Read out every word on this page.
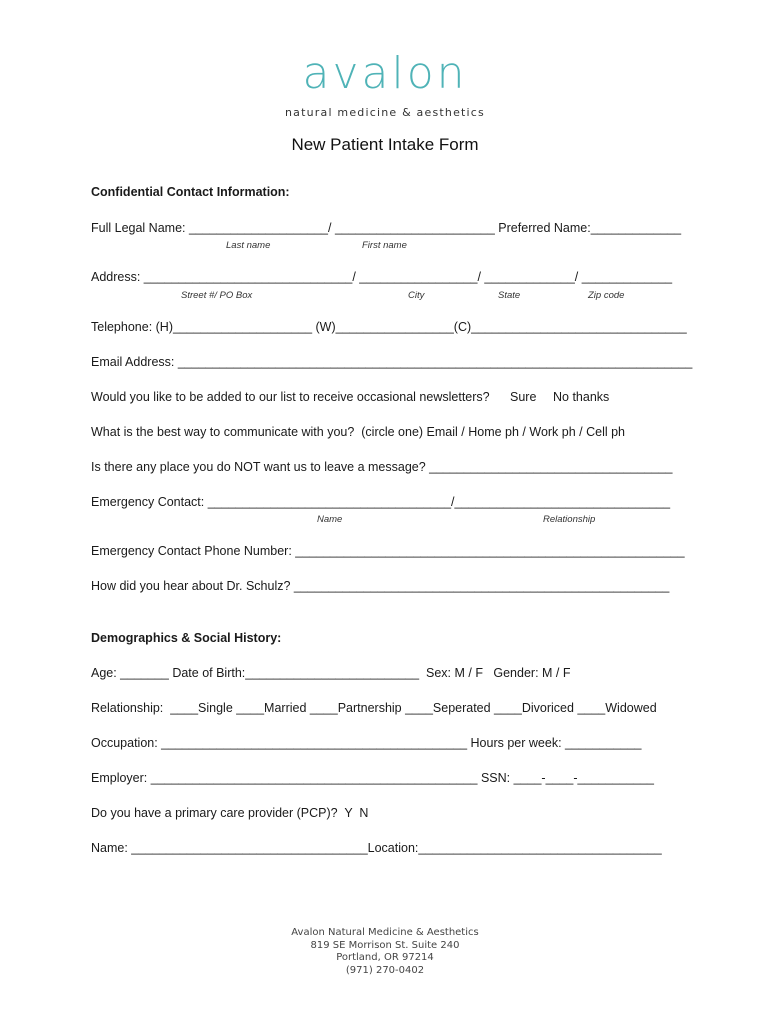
avalon
natural medicine & aesthetics
New Patient Intake Form
Confidential Contact Information:
Full Legal Name: ____________________/ _______________________ Preferred Name:_____________
Last name	First name
Address: ______________________________/ _________________/ _____________/ _____________
Street #/ PO Box	City	State	Zip code
Telephone: (H)____________________ (W)_________________(C)_______________________________
Email Address: __________________________________________________________________________
Would you like to be added to our list to receive occasional newsletters? Sure No thanks
What is the best way to communicate with you?  (circle one) Email / Home ph / Work ph / Cell ph
Is there any place you do NOT want us to leave a message? ___________________________________
Emergency Contact: ___________________________________/_______________________________
Name	Relationship
Emergency Contact Phone Number: ________________________________________________________
How did you hear about Dr. Schulz? ______________________________________________________
Demographics & Social History:
Age: _______ Date of Birth:_________________________  Sex: M / F   Gender: M / F
Relationship:  ____Single ____Married ____Partnership ____Seperated ____Divoriced ____Widowed
Occupation: ____________________________________________ Hours per week: ___________
Employer: _______________________________________________ SSN: ____-____-___________
Do you have a primary care provider (PCP)?  Y  N
Name: __________________________________Location:___________________________________
Avalon Natural Medicine & Aesthetics
819 SE Morrison St. Suite 240
Portland, OR 97214
(971) 270-0402
